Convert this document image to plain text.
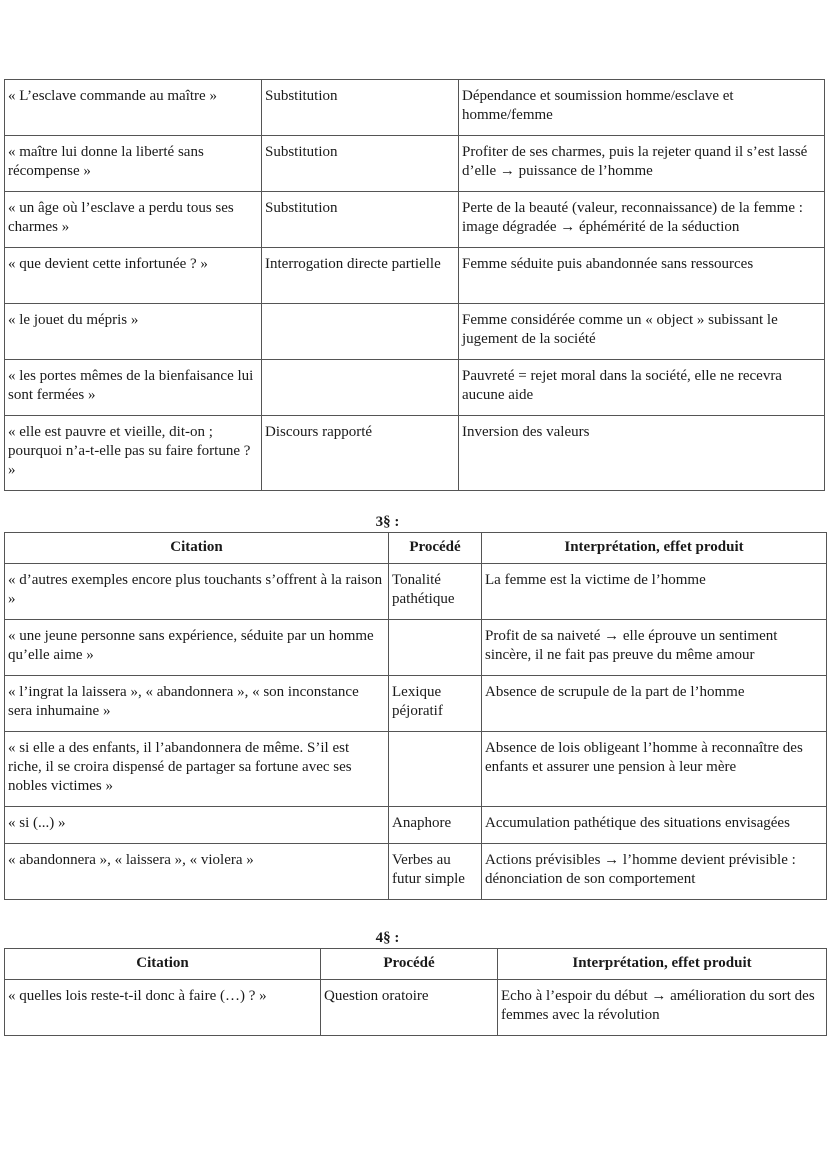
« L’esclave commande au maître »	Substitution	Dépendance et soumission homme/esclave et homme/femme
« maître lui donne la liberté sans récompense »	Substitution	Profiter de ses charmes, puis la rejeter quand il s’est lassé d’elle → puissance de l’homme
« un âge où l’esclave a perdu tous ses charmes »	Substitution	Perte de la beauté (valeur, reconnaissance) de la femme : image dégradée → éphémérité de la séduction
« que devient cette infortunée ? »	Interrogation directe partielle	Femme séduite puis abandonnée sans ressources
« le jouet du mépris »		Femme considérée comme un « object » subissant le jugement de la société
« les portes mêmes de la bienfaisance lui sont fermées »		Pauvreté = rejet moral dans la société, elle ne recevra aucune aide
« elle est pauvre et vieille, dit-on ; pourquoi n’a-t-elle pas su faire fortune ? »	Discours rapporté	Inversion des valeurs
3§ :
Citation	Procédé	Interprétation, effet produit
« d’autres exemples encore plus touchants s’offrent à la raison »	Tonalité pathétique	La femme est la victime de l’homme
« une jeune personne sans expérience, séduite par un homme qu’elle aime »		Profit de sa naiveté → elle éprouve un sentiment sincère, il ne fait pas preuve du même amour
« l’ingrat la laissera », « abandonnera », « son inconstance sera inhumaine »	Lexique péjoratif	Absence de scrupule de la part de l’homme
« si elle a des enfants, il l’abandonnera de même. S’il est riche, il se croira dispensé de partager sa fortune avec ses nobles victimes »		Absence de lois obligeant l’homme à reconnaître des enfants et assurer une pension à leur mère
« si (...) »	Anaphore	Accumulation pathétique des situations envisagées
« abandonnera », « laissera », « violera »	Verbes au futur simple	Actions prévisibles → l’homme devient prévisible : dénonciation de son comportement
4§ :
Citation	Procédé	Interprétation, effet produit
« quelles lois reste-t-il donc à faire (…) ? »	Question oratoire	Echo à l’espoir du début → amélioration du sort des femmes avec la révolution
